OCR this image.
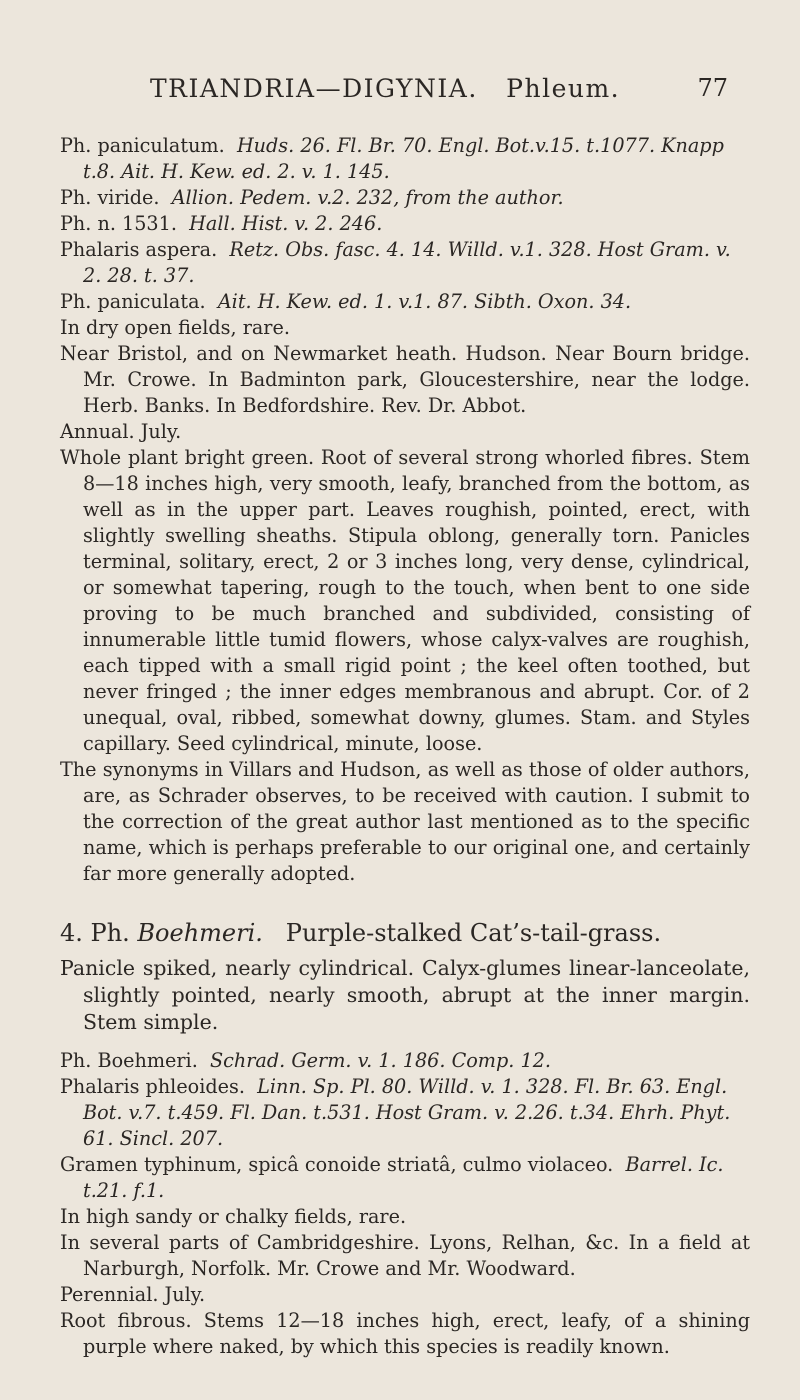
TRIANDRIA—DIGYNIA. Phleum.	77

Ph. paniculatum. Huds. 26. Fl. Br. 70. Engl. Bot.v.15. t.1077. Knapp t.8. Ait. H. Kew. ed. 2. v. 1. 145.

Ph. viride. Allion. Pedem. v.2. 232, from the author.

Ph. n. 1531. Hall. Hist. v. 2. 246.

Phalaris aspera. Retz. Obs. fasc. 4. 14. Willd. v.1. 328. Host Gram. v. 2. 28. t. 37.

Ph. paniculata. Ait. H. Kew. ed. 1. v.1. 87. Sibth. Oxon. 34.

In dry open fields, rare.

Near Bristol, and on Newmarket heath. Hudson. Near Bourn bridge. Mr. Crowe. In Badminton park, Gloucestershire, near the lodge. Herb. Banks. In Bedfordshire. Rev. Dr. Abbot.

Annual. July.

Whole plant bright green. Root of several strong whorled fibres. Stem 8—18 inches high, very smooth, leafy, branched from the bottom, as well as in the upper part. Leaves roughish, pointed, erect, with slightly swelling sheaths. Stipula oblong, generally torn. Panicles terminal, solitary, erect, 2 or 3 inches long, very dense, cylindrical, or somewhat tapering, rough to the touch, when bent to one side proving to be much branched and subdivided, consisting of innumerable little tumid flowers, whose calyx-valves are roughish, each tipped with a small rigid point ; the keel often toothed, but never fringed ; the inner edges membranous and abrupt. Cor. of 2 unequal, oval, ribbed, somewhat downy, glumes. Stam. and Styles capillary. Seed cylindrical, minute, loose.

The synonyms in Villars and Hudson, as well as those of older authors, are, as Schrader observes, to be received with caution. I submit to the correction of the great author last mentioned as to the specific name, which is perhaps preferable to our original one, and certainly far more generally adopted.

4. Ph. Boehmeri. Purple-stalked Cat’s-tail-grass.

Panicle spiked, nearly cylindrical. Calyx-glumes linear-lanceolate, slightly pointed, nearly smooth, abrupt at the inner margin. Stem simple.

Ph. Boehmeri. Schrad. Germ. v. 1. 186. Comp. 12.

Phalaris phleoides. Linn. Sp. Pl. 80. Willd. v. 1. 328. Fl. Br. 63. Engl. Bot. v.7. t.459. Fl. Dan. t.531. Host Gram. v. 2.26. t.34. Ehrh. Phyt. 61. Sincl. 207.

Gramen typhinum, spicâ conoide striatâ, culmo violaceo. Barrel. Ic. t.21. f.1.

In high sandy or chalky fields, rare.

In several parts of Cambridgeshire. Lyons, Relhan, &c. In a field at Narburgh, Norfolk. Mr. Crowe and Mr. Woodward.

Perennial. July.

Root fibrous. Stems 12—18 inches high, erect, leafy, of a shining purple where naked, by which this species is readily known.
